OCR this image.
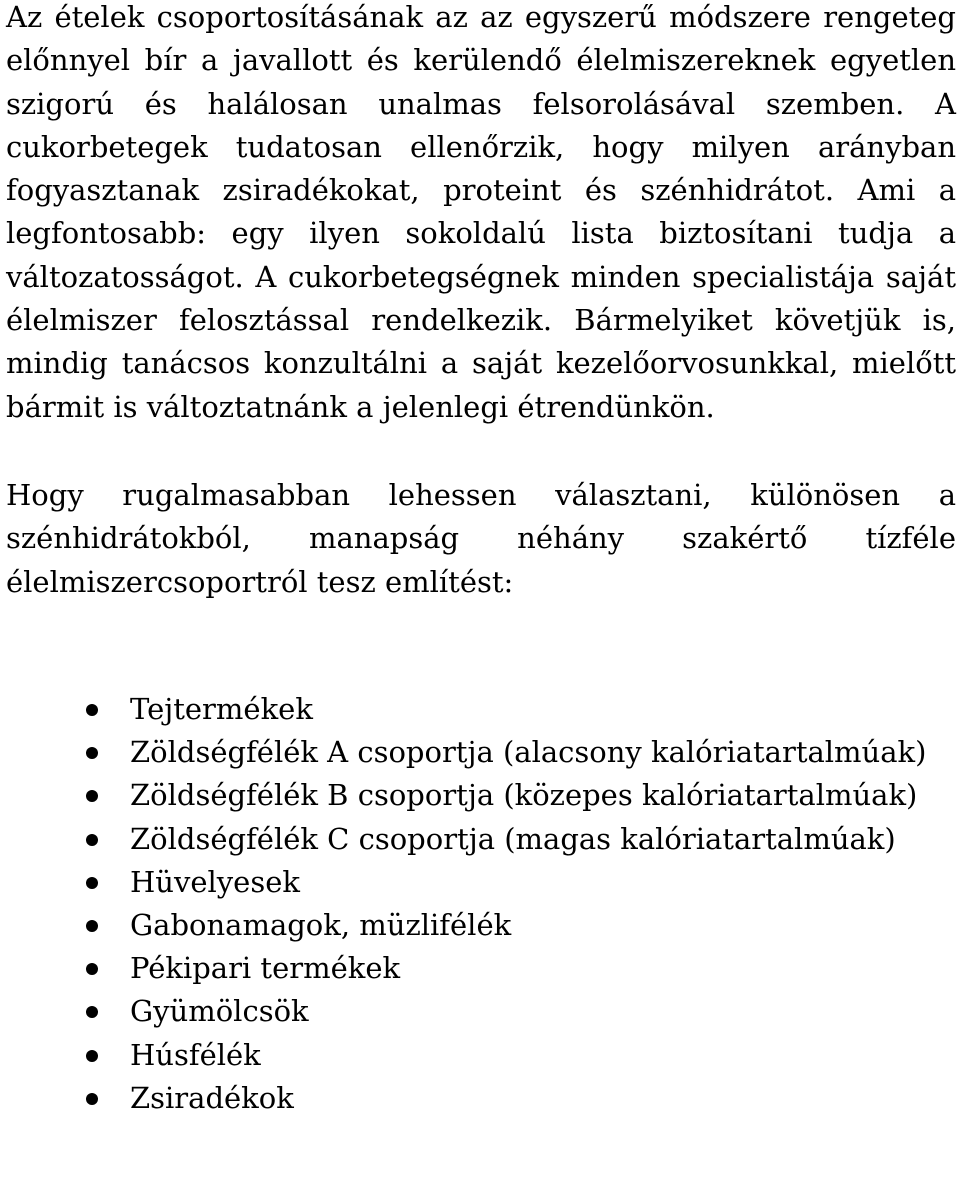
Az ételek csoportosításának az az egyszerű módszere rengeteg előnnyel bír a javallott és kerülendő élelmiszereknek egyetlen szigorú és halálosan unalmas felsorolásával szemben. A cukorbetegek tudatosan ellenőrzik, hogy milyen arányban fogyasztanak zsiradékokat, proteint és szénhidrátot. Ami a legfontosabb: egy ilyen sokoldalú lista biztosítani tudja a változatosságot. A cukorbetegségnek minden specialistája saját élelmiszer felosztással rendelkezik. Bármelyiket követjük is, mindig tanácsos konzultálni a saját kezelőorvosunkkal, mielőtt bármit is változtatnánk a jelenlegi étrendünkön.

Hogy rugalmasabban lehessen választani, különösen a szénhidrátokból, manapság néhány szakértő tízféle élelmiszercsoportról tesz említést:

Tejtermékek
Zöldségfélék A csoportja (alacsony kalóriatartalmúak)
Zöldségfélék B csoportja (közepes kalóriatartalmúak)
Zöldségfélék C csoportja (magas kalóriatartalmúak)
Hüvelyesek
Gabonamagok, müzlifélék
Pékipari termékek
Gyümölcsök
Húsfélék
Zsiradékok
